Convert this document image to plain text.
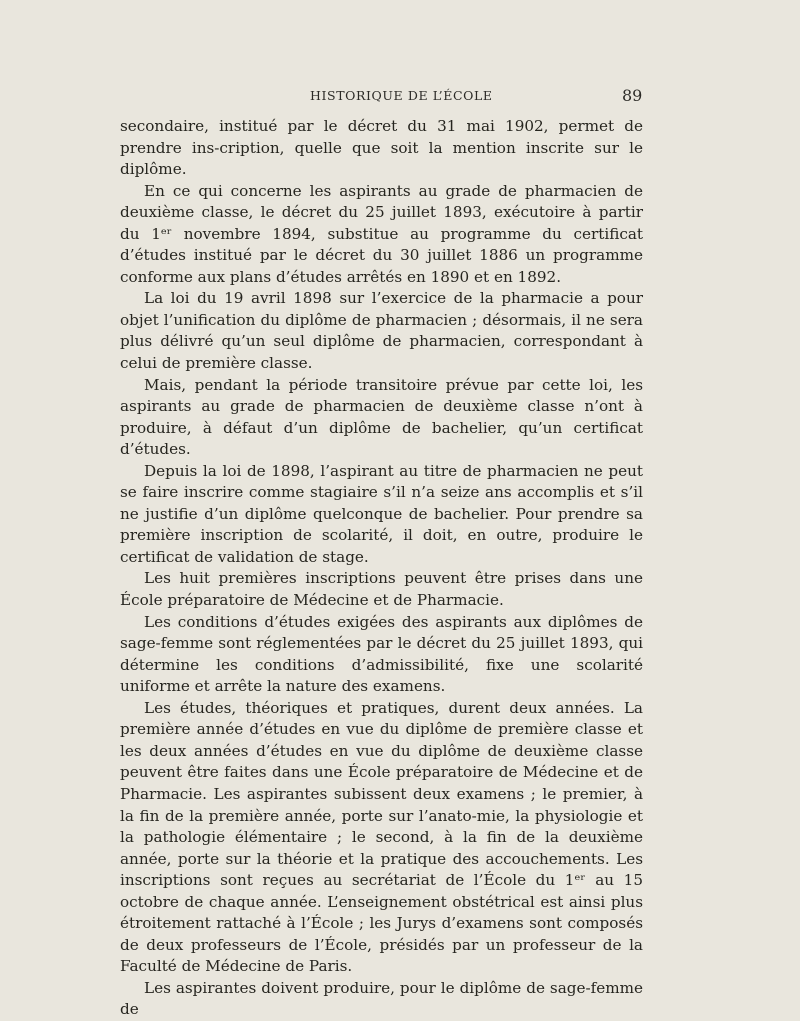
HISTORIQUE DE L’ÉCOLE	89

secondaire, institué par le décret du 31 mai 1902, permet de prendre ins-cription, quelle que soit la mention inscrite sur le diplôme.

En ce qui concerne les aspirants au grade de pharmacien de deuxième classe, le décret du 25 juillet 1893, exécutoire à partir du 1ᵉʳ novembre 1894, substitue au programme du certificat d’études institué par le décret du 30 juillet 1886 un programme conforme aux plans d’études arrêtés en 1890 et en 1892.

La loi du 19 avril 1898 sur l’exercice de la pharmacie a pour objet l’unification du diplôme de pharmacien ; désormais, il ne sera plus délivré qu’un seul diplôme de pharmacien, correspondant à celui de première classe.

Mais, pendant la période transitoire prévue par cette loi, les aspirants au grade de pharmacien de deuxième classe n’ont à produire, à défaut d’un diplôme de bachelier, qu’un certificat d’études.

Depuis la loi de 1898, l’aspirant au titre de pharmacien ne peut se faire inscrire comme stagiaire s’il n’a seize ans accomplis et s’il ne justifie d’un diplôme quelconque de bachelier. Pour prendre sa première inscription de scolarité, il doit, en outre, produire le certificat de validation de stage.

Les huit premières inscriptions peuvent être prises dans une École préparatoire de Médecine et de Pharmacie.

Les conditions d’études exigées des aspirants aux diplômes de sage-femme sont réglementées par le décret du 25 juillet 1893, qui détermine les conditions d’admissibilité, fixe une scolarité uniforme et arrête la nature des examens.

Les études, théoriques et pratiques, durent deux années. La première année d’études en vue du diplôme de première classe et les deux années d’études en vue du diplôme de deuxième classe peuvent être faites dans une École préparatoire de Médecine et de Pharmacie. Les aspirantes subissent deux examens ; le premier, à la fin de la première année, porte sur l’anato-mie, la physiologie et la pathologie élémentaire ; le second, à la fin de la deuxième année, porte sur la théorie et la pratique des accouchements. Les inscriptions sont reçues au secrétariat de l’École du 1ᵉʳ au 15 octobre de chaque année. L’enseignement obstétrical est ainsi plus étroitement rattaché à l’École ; les Jurys d’examens sont composés de deux professeurs de l’École, présidés par un professeur de la Faculté de Médecine de Paris.

Les aspirantes doivent produire, pour le diplôme de sage-femme de
